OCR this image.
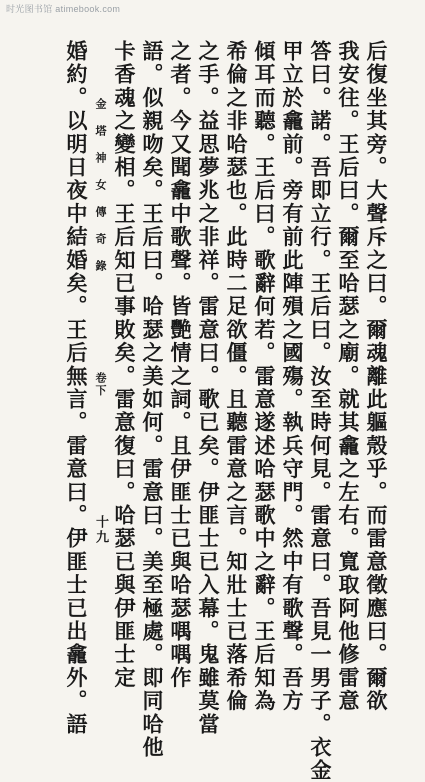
时光图书馆 atimebook.com
后復坐其旁。大聲斥之曰。爾魂離此軀殼乎。而雷意徵應曰。爾欲
我安往。王后曰。爾至哈瑟之廟。就其龕之左右。寬取阿他修雷意
答曰。諾。吾即立行。王后曰。汝至時何見。雷意曰。吾見一男子。衣金
甲立於龕前。旁有前此陣殞之國殤。執兵守門。然中有歌聲。吾方
傾耳而聽。王后曰。歌辭何若。雷意遂述哈瑟歌中之辭。王后知為
希倫之非哈瑟也。此時二足欲僵。且聽雷意之言。知壯士已落希倫
之手。益思夢兆之非祥。雷意曰。歌已矣。伊匪士已入幕。鬼雖莫當
之者。今又聞龕中歌聲。皆艷情之詞。且伊匪士已與哈瑟喁喁作
語。似親吻矣。王后曰。哈瑟之美如何。雷意曰。美至極處。即同哈他
卡香魂之變相。王后知已事敗矣。雷意復曰。哈瑟已與伊匪士定
金 塔 神 女 傳 奇 錄
卷下
十九
婚約。以明日夜中結婚矣。王后無言。雷意曰。伊匪士已出龕外。語
